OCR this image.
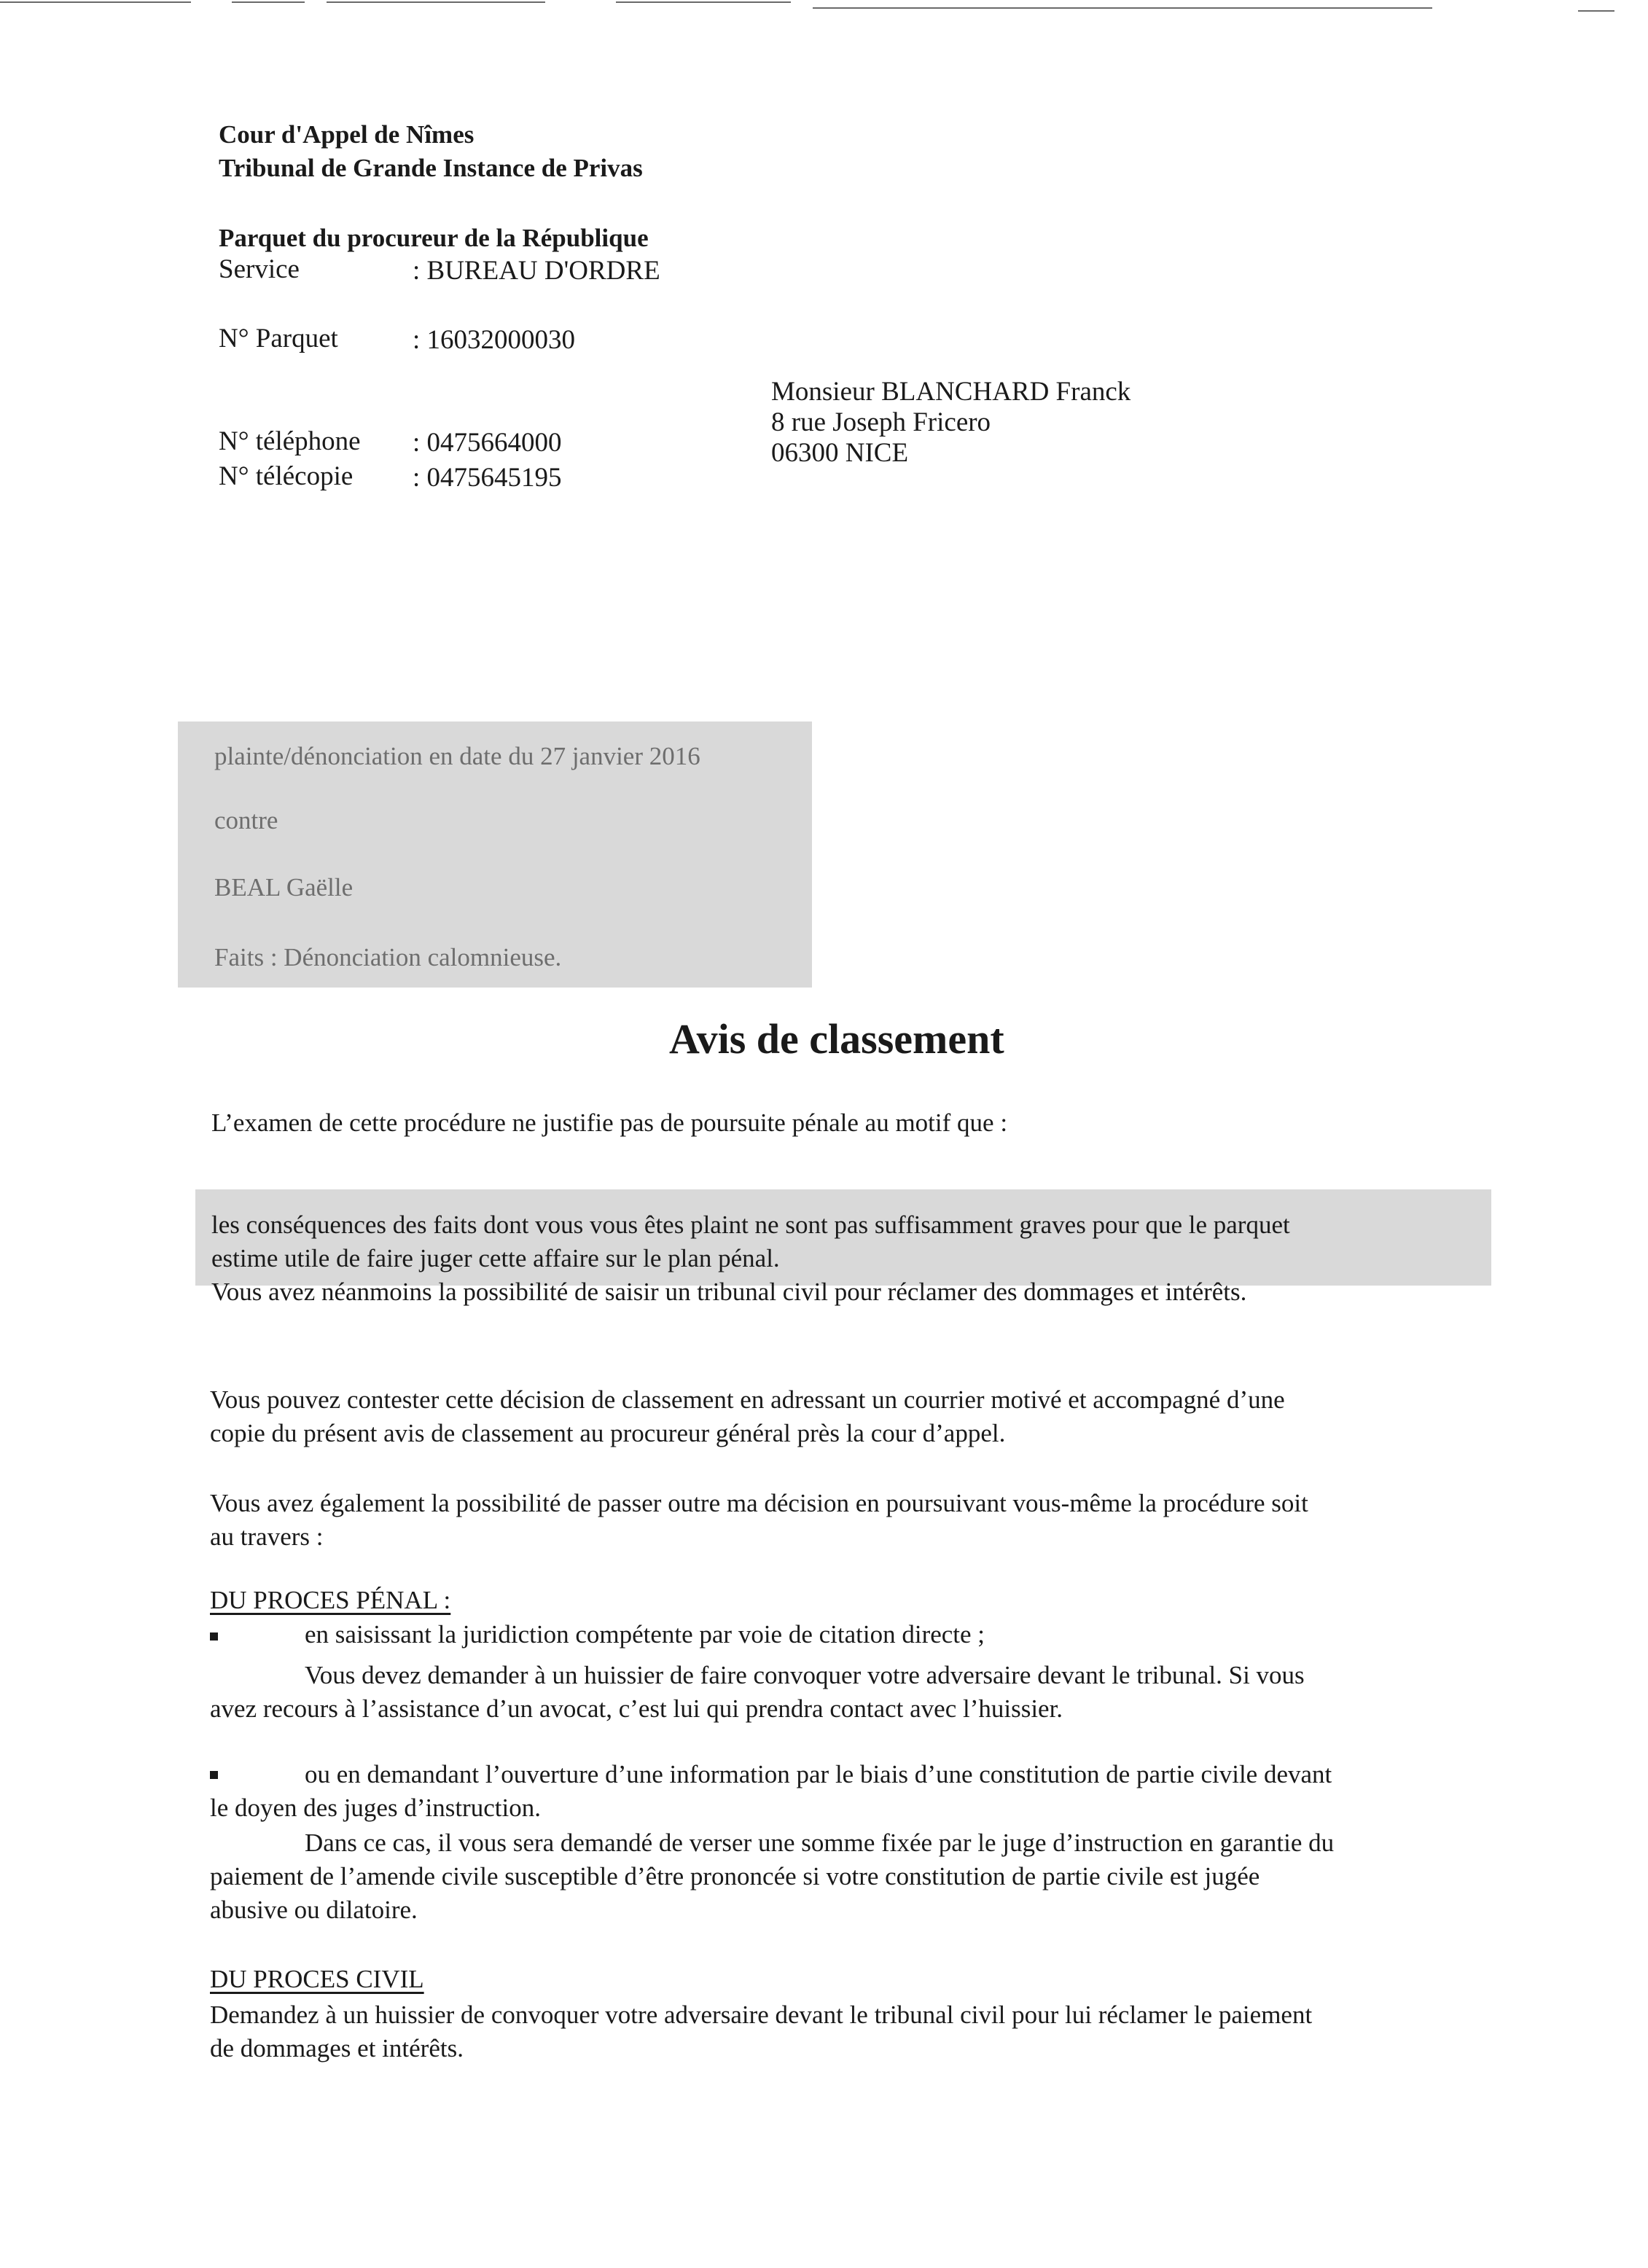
Cour d'Appel de Nîmes
Tribunal de Grande Instance de Privas
Parquet du procureur de la République
Service	: BUREAU D'ORDRE
N° Parquet	: 16032000030
N° téléphone : 0475664000
N° télécopie : 0475645195
Monsieur BLANCHARD Franck
8 rue Joseph Fricero
06300 NICE
plainte/dénonciation en date du 27 janvier 2016
contre
BEAL Gaëlle
Faits : Dénonciation calomnieuse.
Avis de classement
L’examen de cette procédure ne justifie pas de poursuite pénale au motif que :
les conséquences des faits dont vous vous êtes plaint ne sont pas suffisamment graves pour que le parquet
estime utile de faire juger cette affaire sur le plan pénal.
Vous avez néanmoins la possibilité de saisir un tribunal civil pour réclamer des dommages et intérêts.
Vous pouvez contester cette décision de classement en adressant un courrier motivé et accompagné d’une
copie du présent avis de classement au procureur général près la cour d’appel.
Vous avez également la possibilité de passer outre ma décision en poursuivant vous-même la procédure soit
au travers :
DU PROCES PÉNAL :
en saisissant la juridiction compétente par voie de citation directe ;
Vous devez demander à un huissier de faire convoquer votre adversaire devant le tribunal. Si vous
avez recours à l’assistance d’un avocat, c’est lui qui prendra contact avec l’huissier.
ou en demandant l’ouverture d’une information par le biais d’une constitution de partie civile devant
le doyen des juges d’instruction.
Dans ce cas, il vous sera demandé de verser une somme fixée par le juge d’instruction en garantie du
paiement de l’amende civile susceptible d’être prononcée si votre constitution de partie civile est jugée
abusive ou dilatoire.
DU PROCES CIVIL
Demandez à un huissier de convoquer votre adversaire devant le tribunal civil pour lui réclamer le paiement
de dommages et intérêts.
